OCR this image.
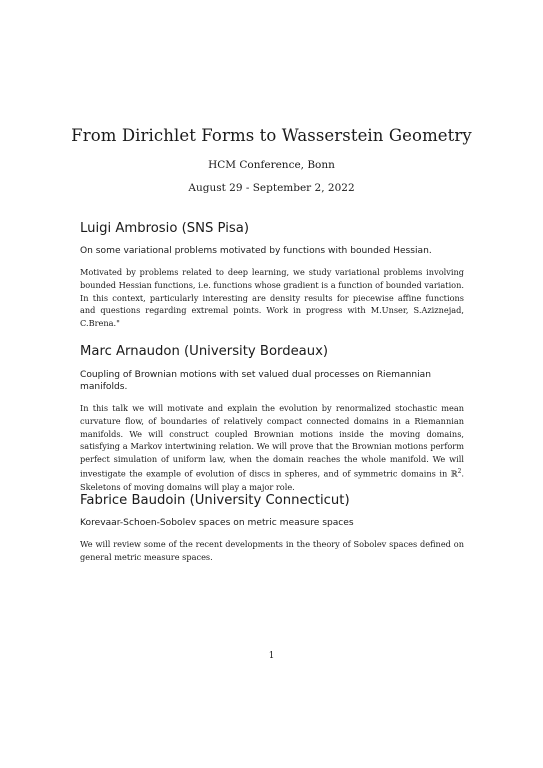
From Dirichlet Forms to Wasserstein Geometry
HCM Conference, Bonn
August 29 - September 2, 2022
Luigi Ambrosio (SNS Pisa)

On some variational problems motivated by functions with bounded Hessian.

Motivated by problems related to deep learning, we study variational problems involving bounded Hessian functions, i.e. functions whose gradient is a function of bounded variation. In this context, particularly interesting are density results for piecewise affine functions and questions regarding extremal points. Work in progress with M.Unser, S.Aziznejad, C.Brena."

Marc Arnaudon (University Bordeaux)

Coupling of Brownian motions with set valued dual processes on Riemannian manifolds.

In this talk we will motivate and explain the evolution by renormalized stochastic mean curvature flow, of boundaries of relatively compact connected domains in a Riemannian manifolds. We will construct coupled Brownian motions inside the moving domains, satisfying a Markov intertwining relation. We will prove that the Brownian motions perform perfect simulation of uniform law, when the domain reaches the whole manifold. We will investigate the example of evolution of discs in spheres, and of symmetric domains in ℝ$^2$. Skeletons of moving domains will play a major role.

Fabrice Baudoin (University Connecticut)

Korevaar-Schoen-Sobolev spaces on metric measure spaces

We will review some of the recent developments in the theory of Sobolev spaces defined on general metric measure spaces.

1
